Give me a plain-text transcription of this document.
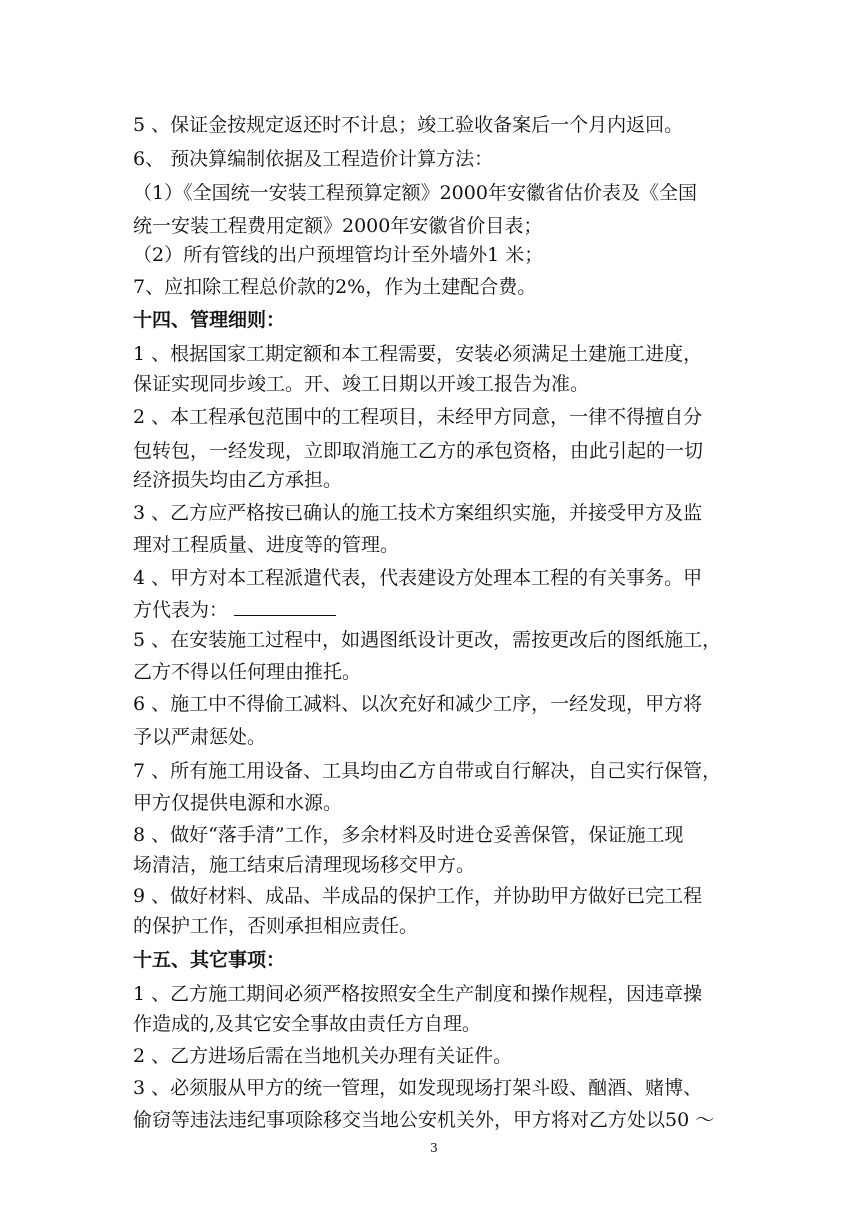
5 、保证金按规定返还时不计息；竣工验收备案后一个月内返回。
6、 预决算编制依据及工程造价计算方法：
（1）《全国统一安装工程预算定额》2000年安徽省估价表及《全国
统一安装工程费用定额》2000年安徽省价目表；
（2）所有管线的出户预埋管均计至外墙外1 米；
7、应扣除工程总价款的2%，作为土建配合费。
十四、管理细则：
1 、根据国家工期定额和本工程需要，安装必须满足土建施工进度，
保证实现同步竣工。开、竣工日期以开竣工报告为准。
2 、本工程承包范围中的工程项目，未经甲方同意，一律不得擅自分
包转包，一经发现，立即取消施工乙方的承包资格，由此引起的一切
经济损失均由乙方承担。
3 、乙方应严格按已确认的施工技术方案组织实施，并接受甲方及监
理对工程质量、进度等的管理。
4 、甲方对本工程派遣代表，代表建设方处理本工程的有关事务。甲
方代表为：
5 、在安装施工过程中，如遇图纸设计更改，需按更改后的图纸施工，
乙方不得以任何理由推托。
6 、施工中不得偷工减料、以次充好和减少工序，一经发现，甲方将
予以严肃惩处。
7 、所有施工用设备、工具均由乙方自带或自行解决，自己实行保管，
甲方仅提供电源和水源。
8 、做好“落手清”工作，多余材料及时进仓妥善保管，保证施工现
场清洁，施工结束后清理现场移交甲方。
9 、做好材料、成品、半成品的保护工作，并协助甲方做好已完工程
的保护工作，否则承担相应责任。
十五、其它事项：
1 、乙方施工期间必须严格按照安全生产制度和操作规程，因违章操
作造成的,及其它安全事故由责任方自理。
2 、乙方进场后需在当地机关办理有关证件。
3 、必须服从甲方的统一管理，如发现现场打架斗殴、酗酒、赌博、
偷窃等违法违纪事项除移交当地公安机关外，甲方将对乙方处以50 ～
3
